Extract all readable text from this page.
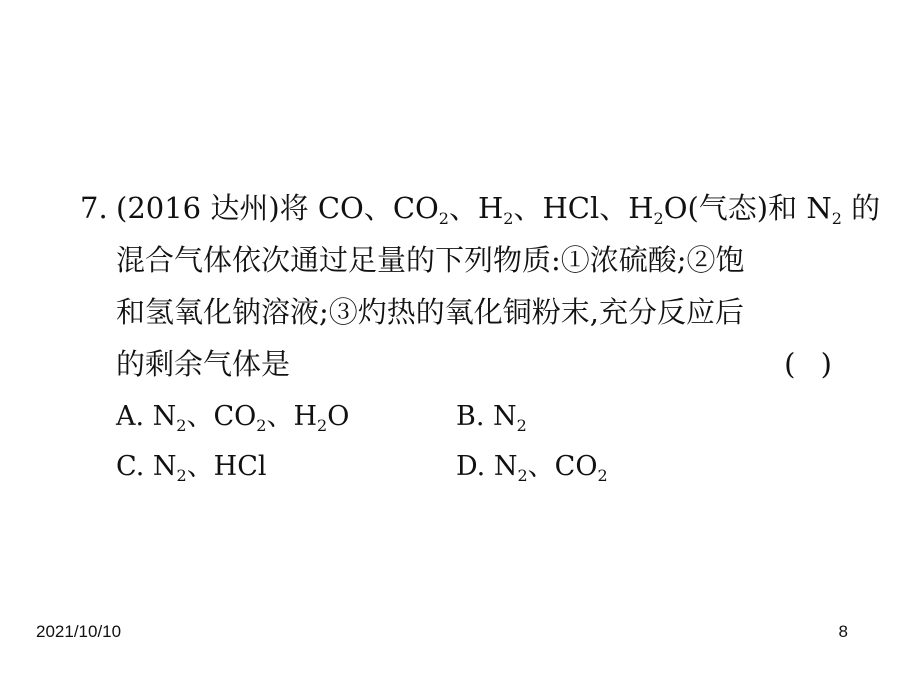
7. (2016 达州)将 CO、$CO_2$、$H_2$、HCl、$H_2O$(气态)和 $N_2$ 的
混合气体依次通过足量的下列物质:①浓硫酸;②饱
和氢氧化钠溶液;③灼热的氧化铜粉末,充分反应后
的剩余气体是	( )
A. $N_2$、$CO_2$、$H_2O$	B. $N_2$
C. $N_2$、HCl	D. $N_2$、$CO_2$
2021/10/10	8
